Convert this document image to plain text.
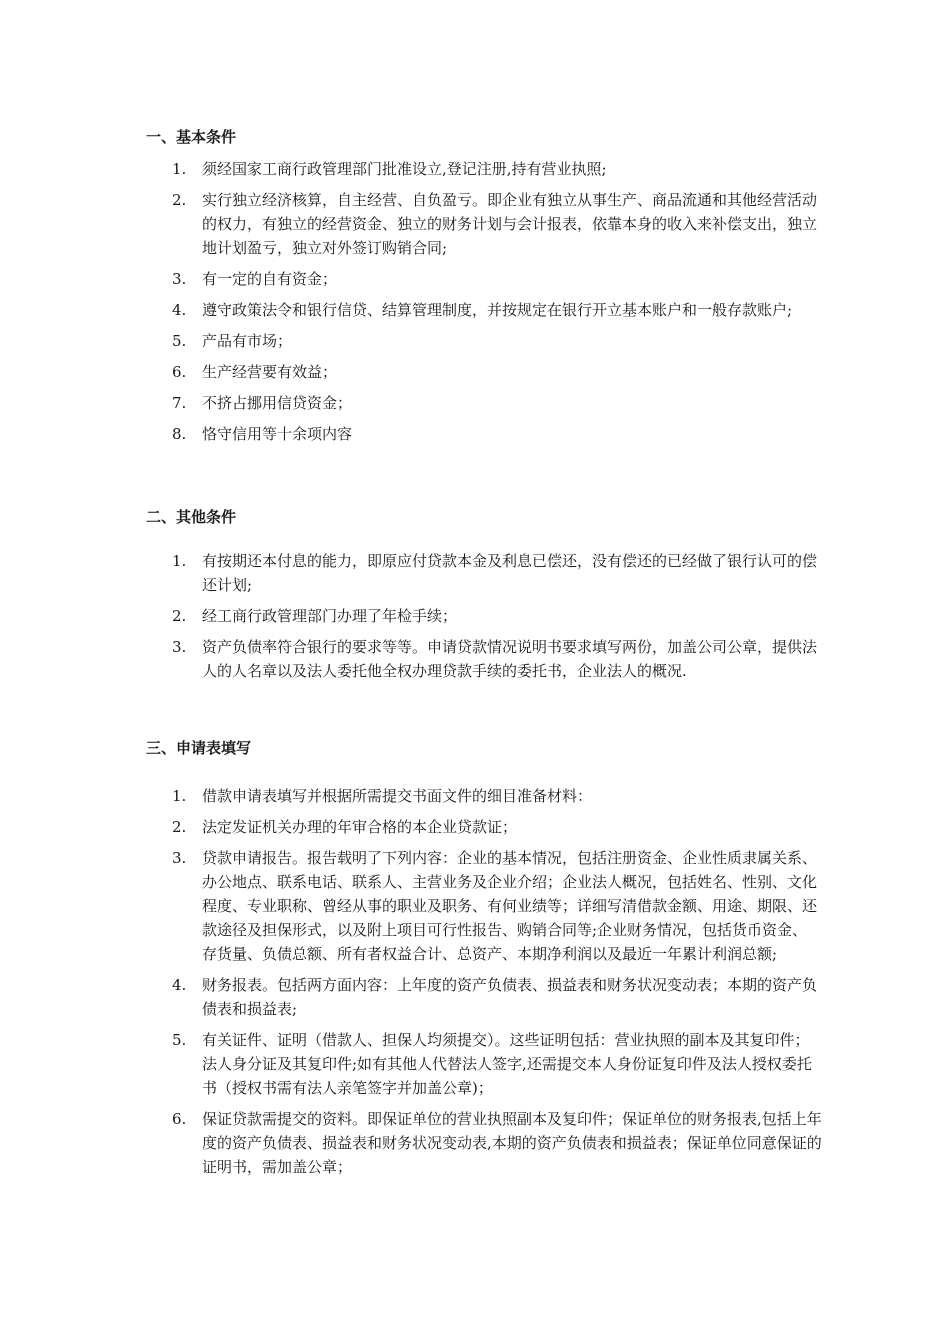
一、基本条件
1. 须经国家工商行政管理部门批准设立,登记注册,持有营业执照;
2. 实行独立经济核算，自主经营、自负盈亏。即企业有独立从事生产、商品流通和其他经营活动的权力，有独立的经营资金、独立的财务计划与会计报表，依靠本身的收入来补偿支出，独立地计划盈亏，独立对外签订购销合同;
3. 有一定的自有资金；
4. 遵守政策法令和银行信贷、结算管理制度，并按规定在银行开立基本账户和一般存款账户;
5. 产品有市场；
6. 生产经营要有效益；
7. 不挤占挪用信贷资金；
8. 恪守信用等十余项内容
二、其他条件
1. 有按期还本付息的能力，即原应付贷款本金及利息已偿还，没有偿还的已经做了银行认可的偿还计划;
2. 经工商行政管理部门办理了年检手续；
3. 资产负债率符合银行的要求等等。申请贷款情况说明书要求填写两份，加盖公司公章，提供法人的人名章以及法人委托他全权办理贷款手续的委托书，企业法人的概况.
三、申请表填写
1. 借款申请表填写并根据所需提交书面文件的细目准备材料：
2. 法定发证机关办理的年审合格的本企业贷款证；
3. 贷款申请报告。报告载明了下列内容：企业的基本情况，包括注册资金、企业性质隶属关系、办公地点、联系电话、联系人、主营业务及企业介绍；企业法人概况，包括姓名、性别、文化程度、专业职称、曾经从事的职业及职务、有何业绩等；详细写清借款金额、用途、期限、还款途径及担保形式，以及附上项目可行性报告、购销合同等;企业财务情况，包括货币资金、存货量、负债总额、所有者权益合计、总资产、本期净利润以及最近一年累计利润总额;
4. 财务报表。包括两方面内容：上年度的资产负债表、损益表和财务状况变动表；本期的资产负债表和损益表;
5. 有关证件、证明（借款人、担保人均须提交）。这些证明包括：营业执照的副本及其复印件；法人身分证及其复印件;如有其他人代替法人签字,还需提交本人身份证复印件及法人授权委托书（授权书需有法人亲笔签字并加盖公章)；
6. 保证贷款需提交的资料。即保证单位的营业执照副本及复印件；保证单位的财务报表,包括上年度的资产负债表、损益表和财务状况变动表,本期的资产负债表和损益表；保证单位同意保证的证明书，需加盖公章；
